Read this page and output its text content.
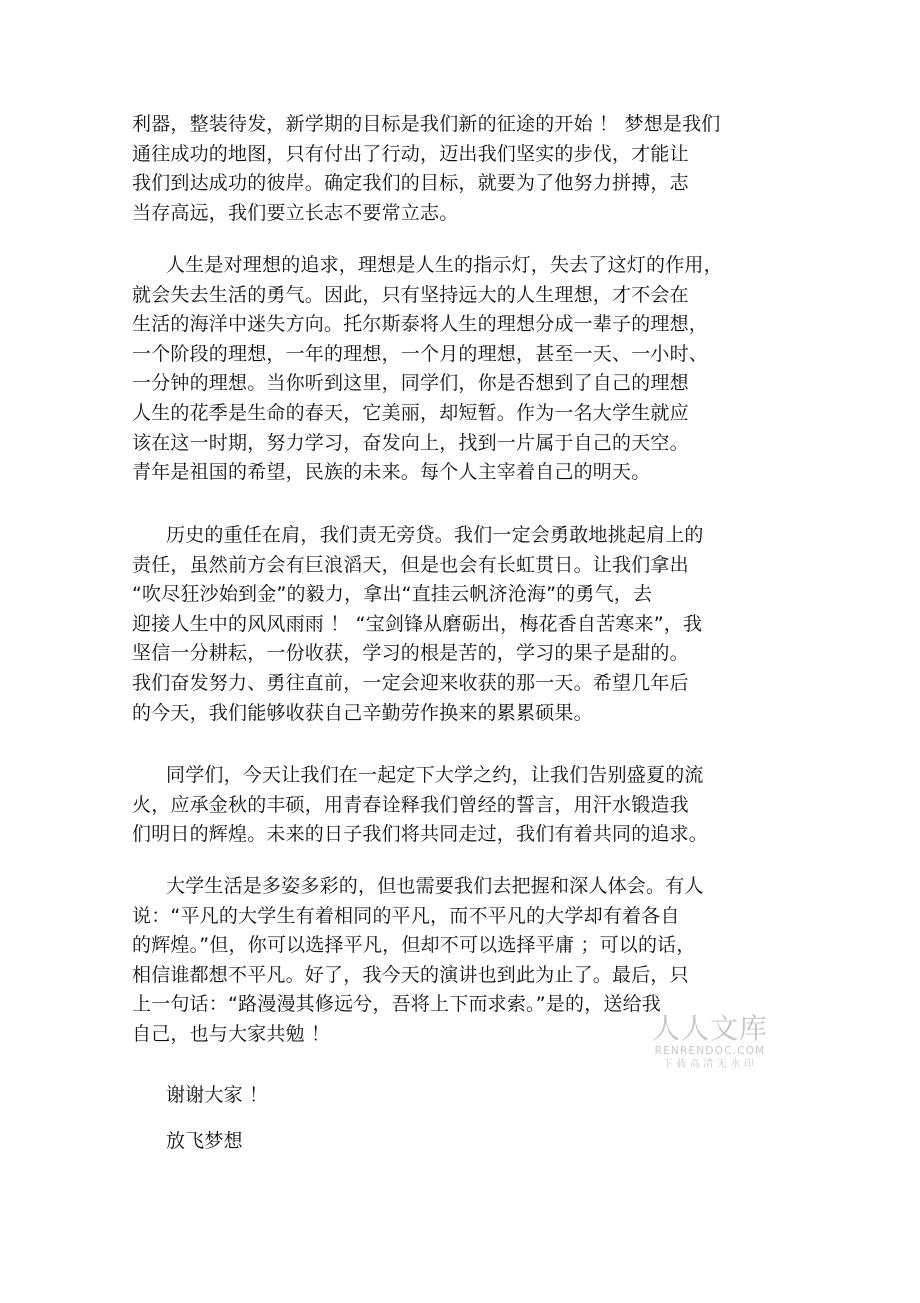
利器，整装待发，新学期的目标是我们新的征途的开始 ！ 梦想是我们
通往成功的地图，只有付出了行动，迈出我们坚实的步伐，才能让
我们到达成功的彼岸。确定我们的目标，就要为了他努力拼搏，志
当存高远，我们要立长志不要常立志。
人生是对理想的追求，理想是人生的指示灯，失去了这灯的作用，
就会失去生活的勇气。因此，只有坚持远大的人生理想，才不会在
生活的海洋中迷失方向。托尔斯泰将人生的理想分成一辈子的理想，
一个阶段的理想，一年的理想，一个月的理想，甚至一天、一小时、
一分钟的理想。当你听到这里，同学们，你是否想到了自己的理想
人生的花季是生命的春天，它美丽，却短暂。作为一名大学生就应
该在这一时期，努力学习，奋发向上，找到一片属于自己的天空。
青年是祖国的希望，民族的未来。每个人主宰着自己的明天。
历史的重任在肩，我们责无旁贷。我们一定会勇敢地挑起肩上的
责任，虽然前方会有巨浪滔天，但是也会有长虹贯日。让我们拿出
“吹尽狂沙始到金”的毅力，拿出“直挂云帆济沧海”的勇气，去
迎接人生中的风风雨雨 ！ “宝剑锋从磨砺出，梅花香自苦寒来”，我
坚信一分耕耘，一份收获，学习的根是苦的，学习的果子是甜的。
我们奋发努力、勇往直前，一定会迎来收获的那一天。希望几年后
的今天，我们能够收获自己辛勤劳作换来的累累硕果。
同学们，今天让我们在一起定下大学之约，让我们告别盛夏的流
火，应承金秋的丰硕，用青春诠释我们曾经的誓言，用汗水锻造我
们明日的辉煌。未来的日子我们将共同走过，我们有着共同的追求。
大学生活是多姿多彩的，但也需要我们去把握和深人体会。有人
说：“平凡的大学生有着相同的平凡，而不平凡的大学却有着各自
的辉煌。”但，你可以选择平凡，但却不可以选择平庸 ；可以的话，
相信谁都想不平凡。好了，我今天的演讲也到此为止了。最后，只
上一句话：“路漫漫其修远兮，吾将上下而求索。”是的，送给我
自己，也与大家共勉 ！
谢谢大家 ！
放飞梦想
人人文库
RENRENDOC.COM
下载高清无水印
